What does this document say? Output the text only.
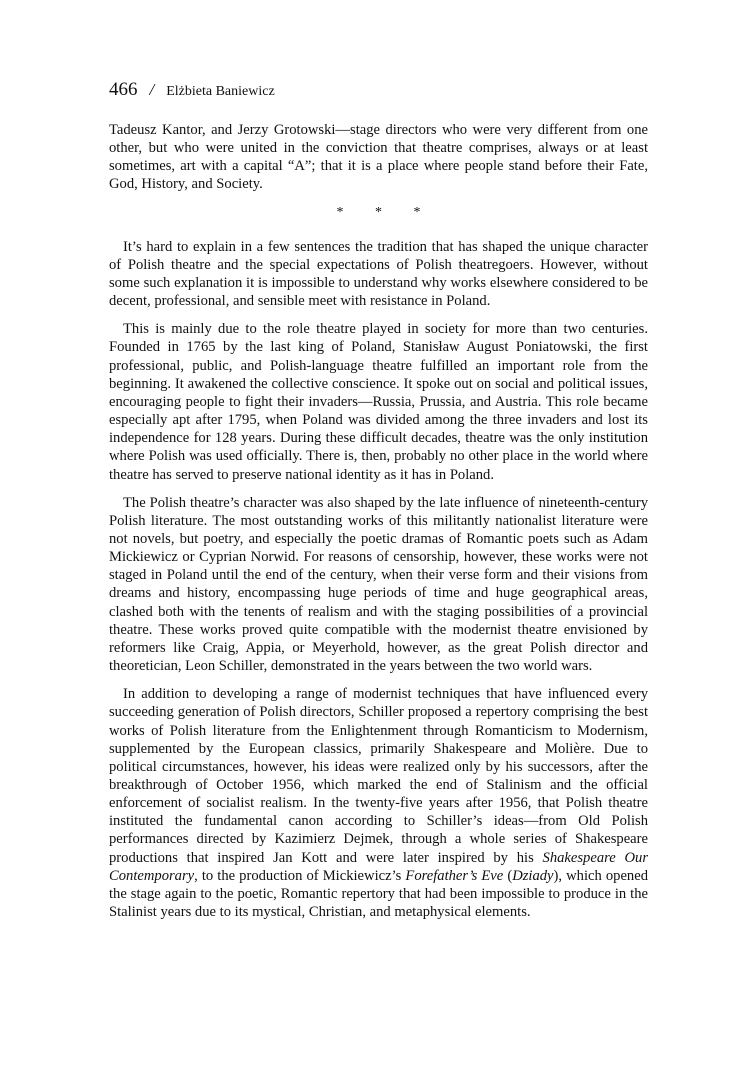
466 / Elżbieta Baniewicz

Tadeusz Kantor, and Jerzy Grotowski—stage directors who were very different from one other, but who were united in the conviction that theatre comprises, always or at least sometimes, art with a capital “A”; that it is a place where people stand before their Fate, God, History, and Society.

* * *

It’s hard to explain in a few sentences the tradition that has shaped the unique character of Polish theatre and the special expectations of Polish theatregoers. However, without some such explanation it is impossible to understand why works elsewhere considered to be decent, professional, and sensible meet with resistance in Poland.

This is mainly due to the role theatre played in society for more than two centuries. Founded in 1765 by the last king of Poland, Stanisław August Poniatowski, the first professional, public, and Polish-language theatre fulfilled an important role from the beginning. It awakened the collective conscience. It spoke out on social and political issues, encouraging people to fight their invaders—Russia, Prussia, and Austria. This role became especially apt after 1795, when Poland was divided among the three invaders and lost its independence for 128 years. During these difficult decades, theatre was the only institution where Polish was used officially. There is, then, probably no other place in the world where theatre has served to preserve national identity as it has in Poland.

The Polish theatre’s character was also shaped by the late influence of nineteenth-century Polish literature. The most outstanding works of this militantly nationalist literature were not novels, but poetry, and especially the poetic dramas of Romantic poets such as Adam Mickiewicz or Cyprian Norwid. For reasons of censorship, however, these works were not staged in Poland until the end of the century, when their verse form and their visions from dreams and history, encompassing huge periods of time and huge geographical areas, clashed both with the tenents of realism and with the staging possibilities of a provincial theatre. These works proved quite compatible with the modernist theatre envisioned by reformers like Craig, Appia, or Meyerhold, however, as the great Polish director and theoretician, Leon Schiller, demonstrated in the years between the two world wars.

In addition to developing a range of modernist techniques that have influenced every succeeding generation of Polish directors, Schiller proposed a repertory comprising the best works of Polish literature from the Enlightenment through Romanticism to Modernism, supplemented by the European classics, primarily Shakespeare and Molière. Due to political circumstances, however, his ideas were realized only by his successors, after the breakthrough of October 1956, which marked the end of Stalinism and the official enforcement of socialist realism. In the twenty-five years after 1956, that Polish theatre instituted the fundamental canon according to Schiller’s ideas—from Old Polish performances directed by Kazimierz Dejmek, through a whole series of Shakespeare productions that inspired Jan Kott and were later inspired by his Shakespeare Our Contemporary, to the production of Mickiewicz’s Forefather’s Eve (Dziady), which opened the stage again to the poetic, Romantic repertory that had been impossible to produce in the Stalinist years due to its mystical, Christian, and metaphysical elements.
